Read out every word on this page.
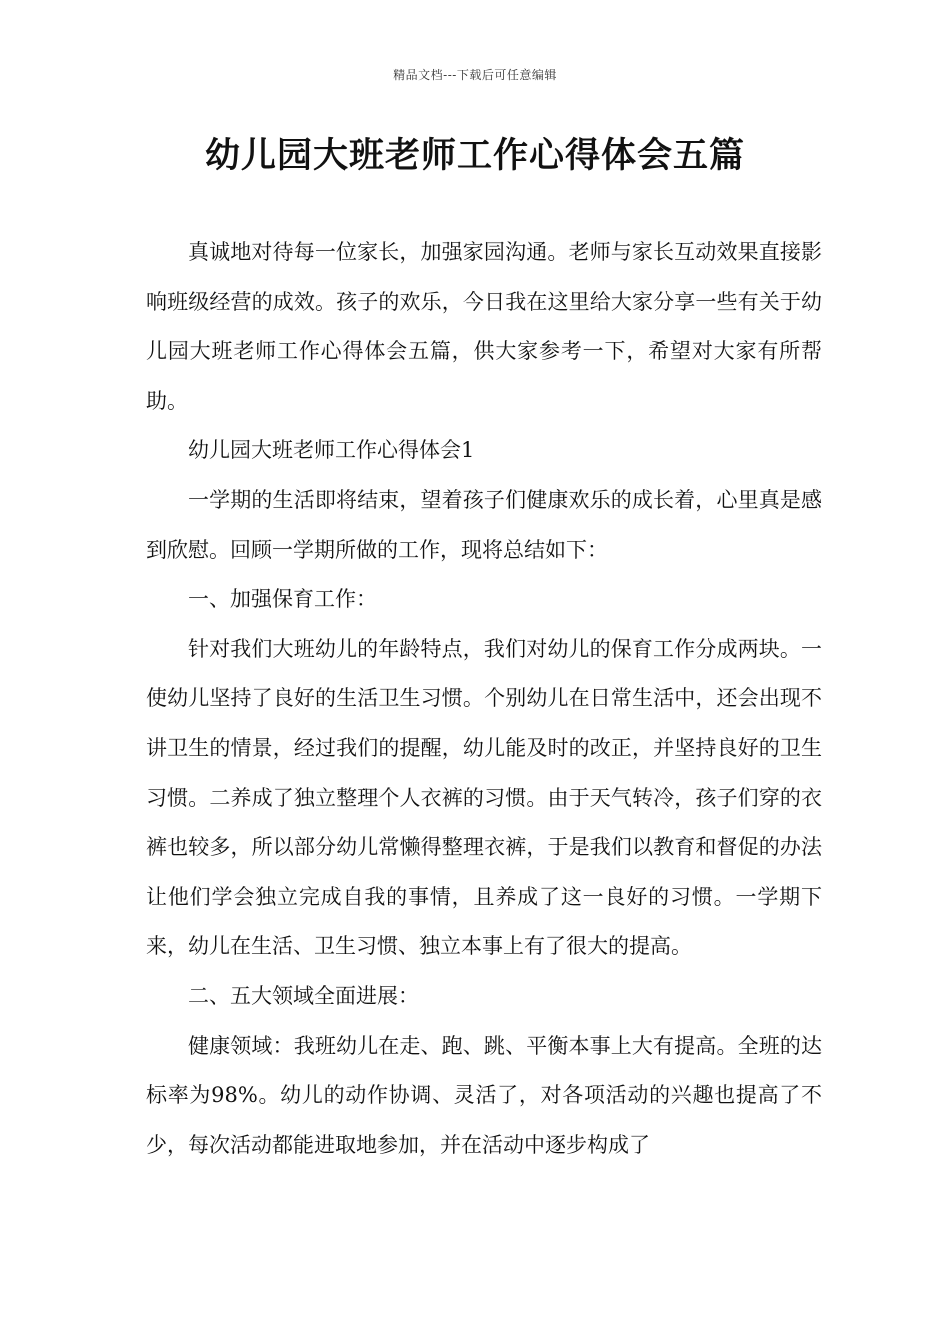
精品文档---下载后可任意编辑
幼儿园大班老师工作心得体会五篇

真诚地对待每一位家长，加强家园沟通。老师与家长互动效果直接影响班级经营的成效。孩子的欢乐，今日我在这里给大家分享一些有关于幼儿园大班老师工作心得体会五篇，供大家参考一下，希望对大家有所帮助。

幼儿园大班老师工作心得体会1

一学期的生活即将结束，望着孩子们健康欢乐的成长着，心里真是感到欣慰。回顾一学期所做的工作，现将总结如下：

一、加强保育工作：

针对我们大班幼儿的年龄特点，我们对幼儿的保育工作分成两块。一使幼儿坚持了良好的生活卫生习惯。个别幼儿在日常生活中，还会出现不讲卫生的情景，经过我们的提醒，幼儿能及时的改正，并坚持良好的卫生习惯。二养成了独立整理个人衣裤的习惯。由于天气转冷，孩子们穿的衣裤也较多，所以部分幼儿常懒得整理衣裤，于是我们以教育和督促的办法让他们学会独立完成自我的事情，且养成了这一良好的习惯。一学期下来，幼儿在生活、卫生习惯、独立本事上有了很大的提高。

二、五大领域全面进展：

健康领域：我班幼儿在走、跑、跳、平衡本事上大有提高。全班的达标率为98%。幼儿的动作协调、灵活了，对各项活动的兴趣也提高了不少，每次活动都能进取地参加，并在活动中逐步构成了
